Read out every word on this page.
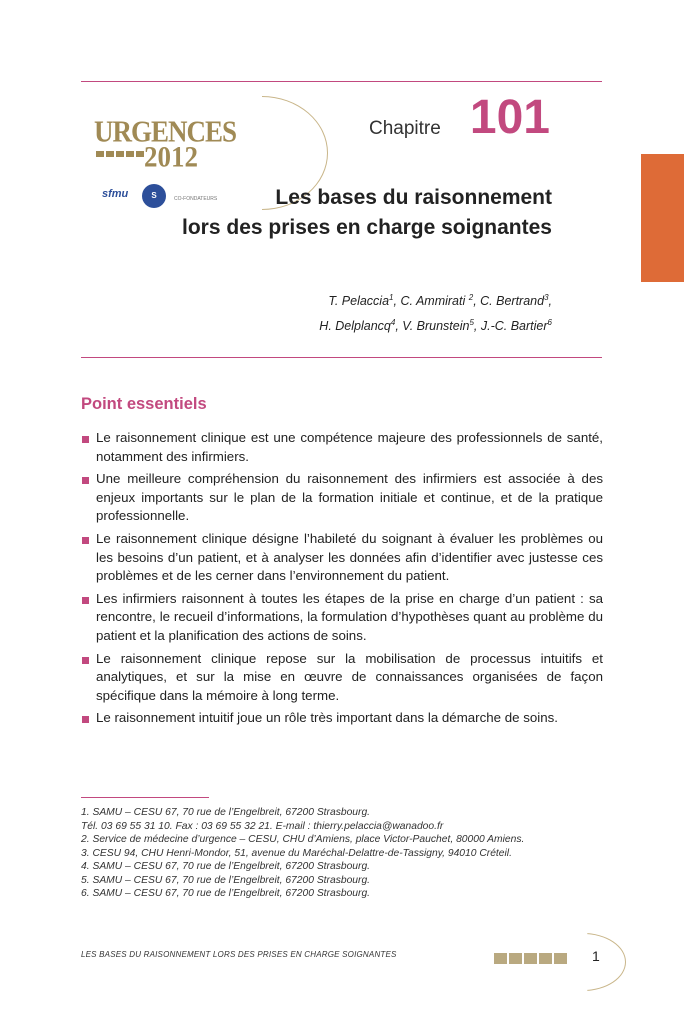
URGENCES
2012
sfmu	S	CO-FONDATEURS
Chapitre 101
Les bases du raisonnement
lors des prises en charge soignantes
T. Pelaccia$^1$, C. Ammirati $^2$, C. Bertrand$^3$,
H. Delplancq$^4$, V. Brunstein$^5$, J.-C. Bartier$^6$
Point essentiels
Le raisonnement clinique est une compétence majeure des professionnels de santé, notamment des infirmiers.
Une meilleure compréhension du raisonnement des infirmiers est associée à des enjeux importants sur le plan de la formation initiale et continue, et de la pratique professionnelle.
Le raisonnement clinique désigne l’habileté du soignant à évaluer les problèmes ou les besoins d’un patient, et à analyser les données afin d’identifier avec justesse ces problèmes et de les cerner dans l’environnement du patient.
Les infirmiers raisonnent à toutes les étapes de la prise en charge d’un patient : sa rencontre, le recueil d’informations, la formulation d’hypothèses quant au problème du patient et la planification des actions de soins.
Le raisonnement clinique repose sur la mobilisation de processus intuitifs et analytiques, et sur la mise en œuvre de connaissances organisées de façon spécifique dans la mémoire à long terme.
Le raisonnement intuitif joue un rôle très important dans la démarche de soins.
1. SAMU – CESU 67, 70 rue de l’Engelbreit, 67200 Strasbourg.
Tél. 03 69 55 31 10. Fax : 03 69 55 32 21. E-mail : thierry.pelaccia@wanadoo.fr
2. Service de médecine d’urgence – CESU, CHU d’Amiens, place Victor-Pauchet, 80000 Amiens.
3. CESU 94, CHU Henri-Mondor, 51, avenue du Maréchal-Delattre-de-Tassigny, 94010 Créteil.
4. SAMU – CESU 67, 70 rue de l’Engelbreit, 67200 Strasbourg.
5. SAMU – CESU 67, 70 rue de l’Engelbreit, 67200 Strasbourg.
6. SAMU – CESU 67, 70 rue de l’Engelbreit, 67200 Strasbourg.
LES BASES DU RAISONNEMENT LORS DES PRISES EN CHARGE SOIGNANTES	1
